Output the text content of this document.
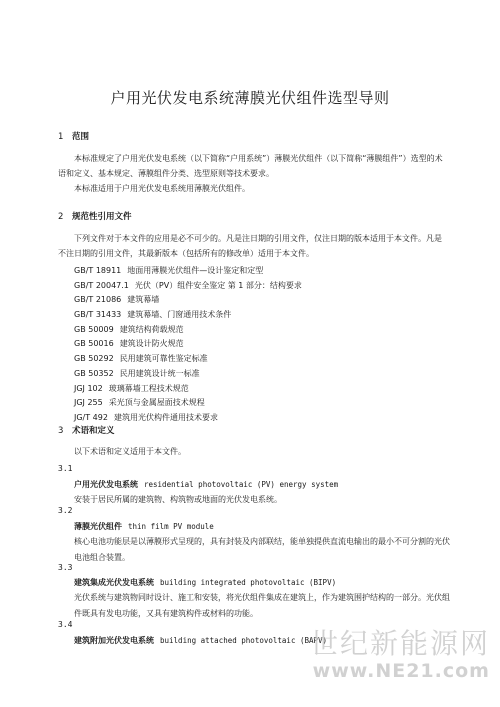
户用光伏发电系统薄膜光伏组件选型导则
1 范围

本标准规定了户用光伏发电系统（以下简称“户用系统”）薄膜光伏组件（以下简称“薄膜组件”）选型的术语和定义、基本规定、薄膜组件分类、选型原则等技术要求。

本标准适用于户用光伏发电系统用薄膜光伏组件。

2 规范性引用文件

下列文件对于本文件的应用是必不可少的。凡是注日期的引用文件，仅注日期的版本适用于本文件。凡是不注日期的引用文件，其最新版本（包括所有的修改单）适用于本文件。

GB/T 18911 地面用薄膜光伏组件—设计鉴定和定型
GB/T 20047.1 光伏（PV）组件安全鉴定 第 1 部分：结构要求
GB/T 21086 建筑幕墙
GB/T 31433 建筑幕墙、门窗通用技术条件
GB 50009 建筑结构荷载规范
GB 50016 建筑设计防火规范
GB 50292 民用建筑可靠性鉴定标准
GB 50352 民用建筑设计统一标准
JGJ 102 玻璃幕墙工程技术规范
JGJ 255 采光顶与金属屋面技术规程
JG/T 492 建筑用光伏构件通用技术要求
3 术语和定义

以下术语和定义适用于本文件。

3.1
户用光伏发电系统 residential photovoltaic (PV) energy system

安装于居民所属的建筑物、构筑物或地面的光伏发电系统。

3.2
薄膜光伏组件 thin film PV module

核心电池功能层是以薄膜形式呈现的，具有封装及内部联结，能单独提供直流电输出的最小不可分割的光伏电池组合装置。

3.3
建筑集成光伏发电系统 building integrated photovoltaic (BIPV)

光伏系统与建筑物同时设计、施工和安装，将光伏组件集成在建筑上，作为建筑围护结构的一部分。光伏组件既具有发电功能，又具有建筑构件或材料的功能。

3.4
建筑附加光伏发电系统 building attached photovoltaic (BAPV)
世纪新能源网
www.NE21.com
